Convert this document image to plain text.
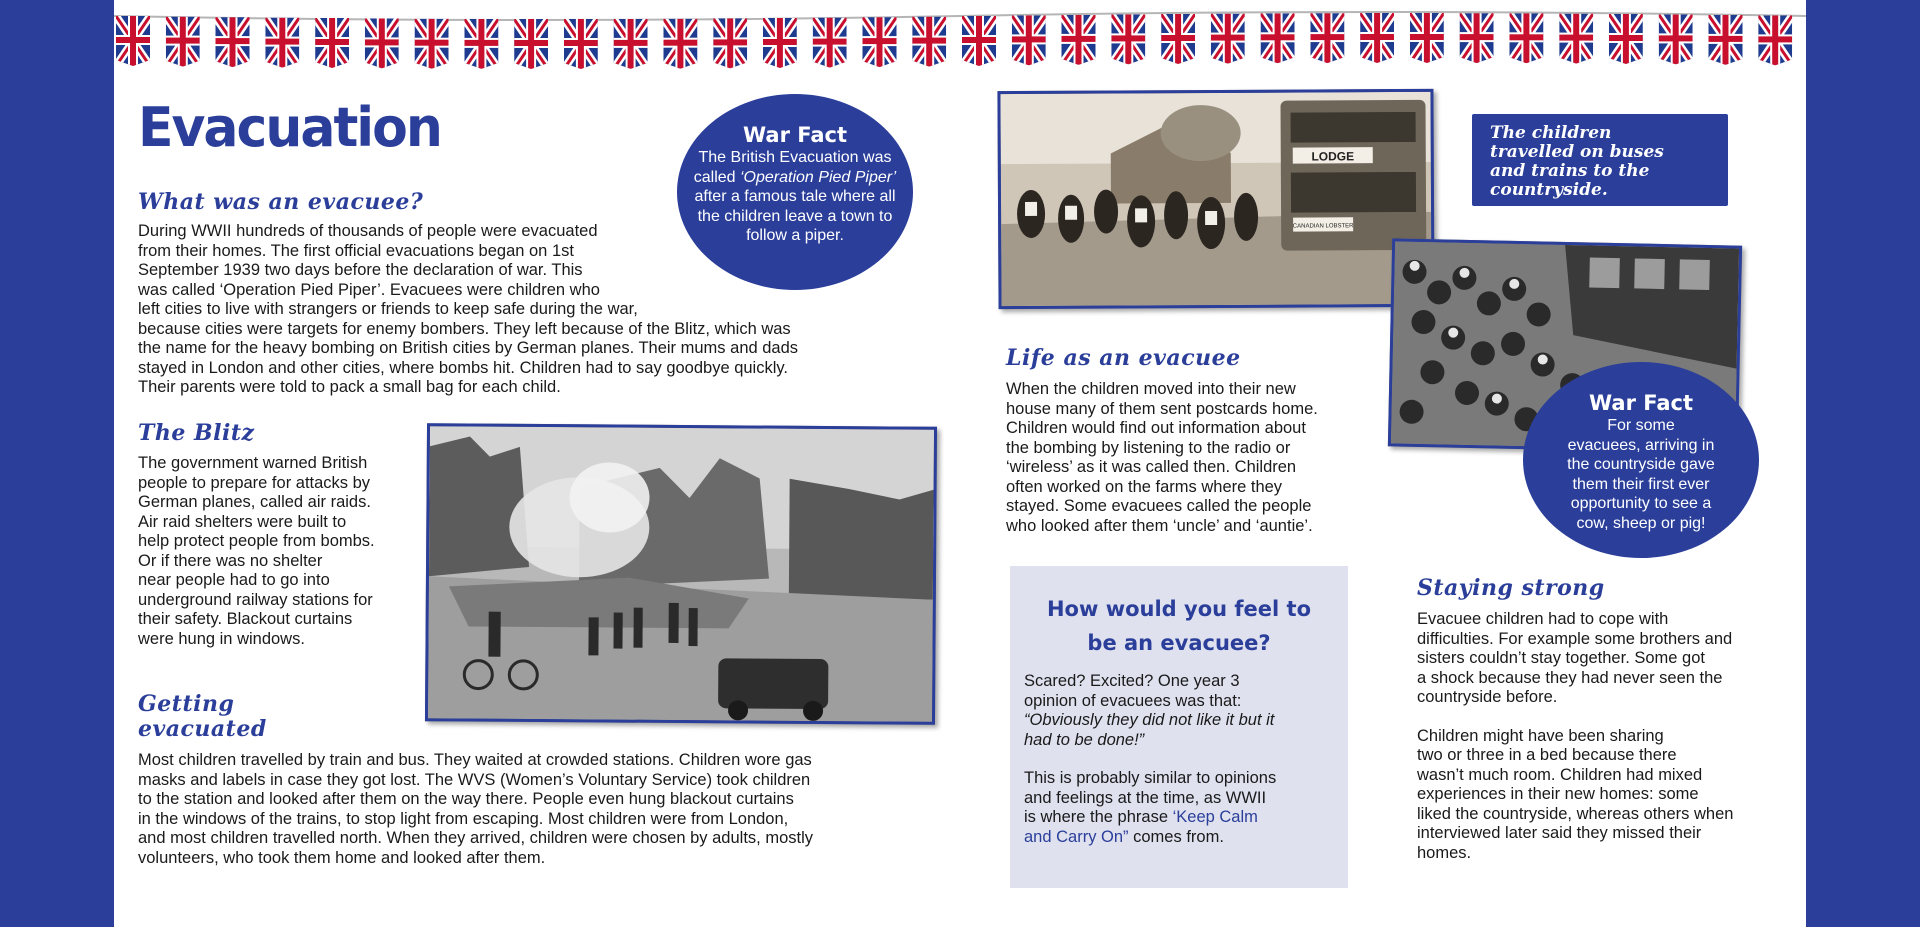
Evacuation	War Fact
The British Evacuation was called ‘Operation Pied Piper’ after a famous tale where all the children leave a town to follow a piper.
What was an evacuee?
During WWII hundreds of thousands of people were evacuated
from their homes. The first official evacuations began on 1st
September 1939 two days before the declaration of war. This
was called ‘Operation Pied Piper’. Evacuees were children who
left cities to live with strangers or friends to keep safe during the war,
because cities were targets for enemy bombers. They left because of the Blitz, which was
the name for the heavy bombing on British cities by German planes. Their mums and dads
stayed in London and other cities, where bombs hit. Children had to say goodbye quickly.
Their parents were told to pack a small bag for each child.
The Blitz
The government warned British
people to prepare for attacks by
German planes, called air raids.
Air raid shelters were built to
help protect people from bombs.
Or if there was no shelter
near people had to go into
underground railway stations for
their safety. Blackout curtains
were hung in windows.
Getting
evacuated
Most children travelled by train and bus. They waited at crowded stations. Children wore gas
masks and labels in case they got lost. The WVS (Women’s Voluntary Service) took children
to the station and looked after them on the way there. People even hung blackout curtains
in the windows of the trains, to stop light from escaping. Most children were from London,
and most children travelled north. When they arrived, children were chosen by adults, mostly
volunteers, who took them home and looked after them.
LODGE
CANADIAN LOBSTER
The children
travelled on buses
and trains to the
countryside.
War Fact
For some
evacuees, arriving in
the countryside gave
them their first ever
opportunity to see a
cow, sheep or pig!
Life as an evacuee
When the children moved into their new
house many of them sent postcards home.
Children would find out information about
the bombing by listening to the radio or
‘wireless’ as it was called then. Children
often worked on the farms where they
stayed. Some evacuees called the people
who looked after them ‘uncle’ and ‘auntie’.
How would you feel to
be an evacuee?
Scared? Excited? One year 3
opinion of evacuees was that:
“Obviously they did not like it but it
had to be done!”
This is probably similar to opinions
and feelings at the time, as WWII
is where the phrase ‘Keep Calm
and Carry On” comes from.
Staying strong
Evacuee children had to cope with
difficulties. For example some brothers and
sisters couldn’t stay together. Some got
a shock because they had never seen the
countryside before.
Children might have been sharing
two or three in a bed because there
wasn’t much room. Children had mixed
experiences in their new homes: some
liked the countryside, whereas others when
interviewed later said they missed their
homes.
